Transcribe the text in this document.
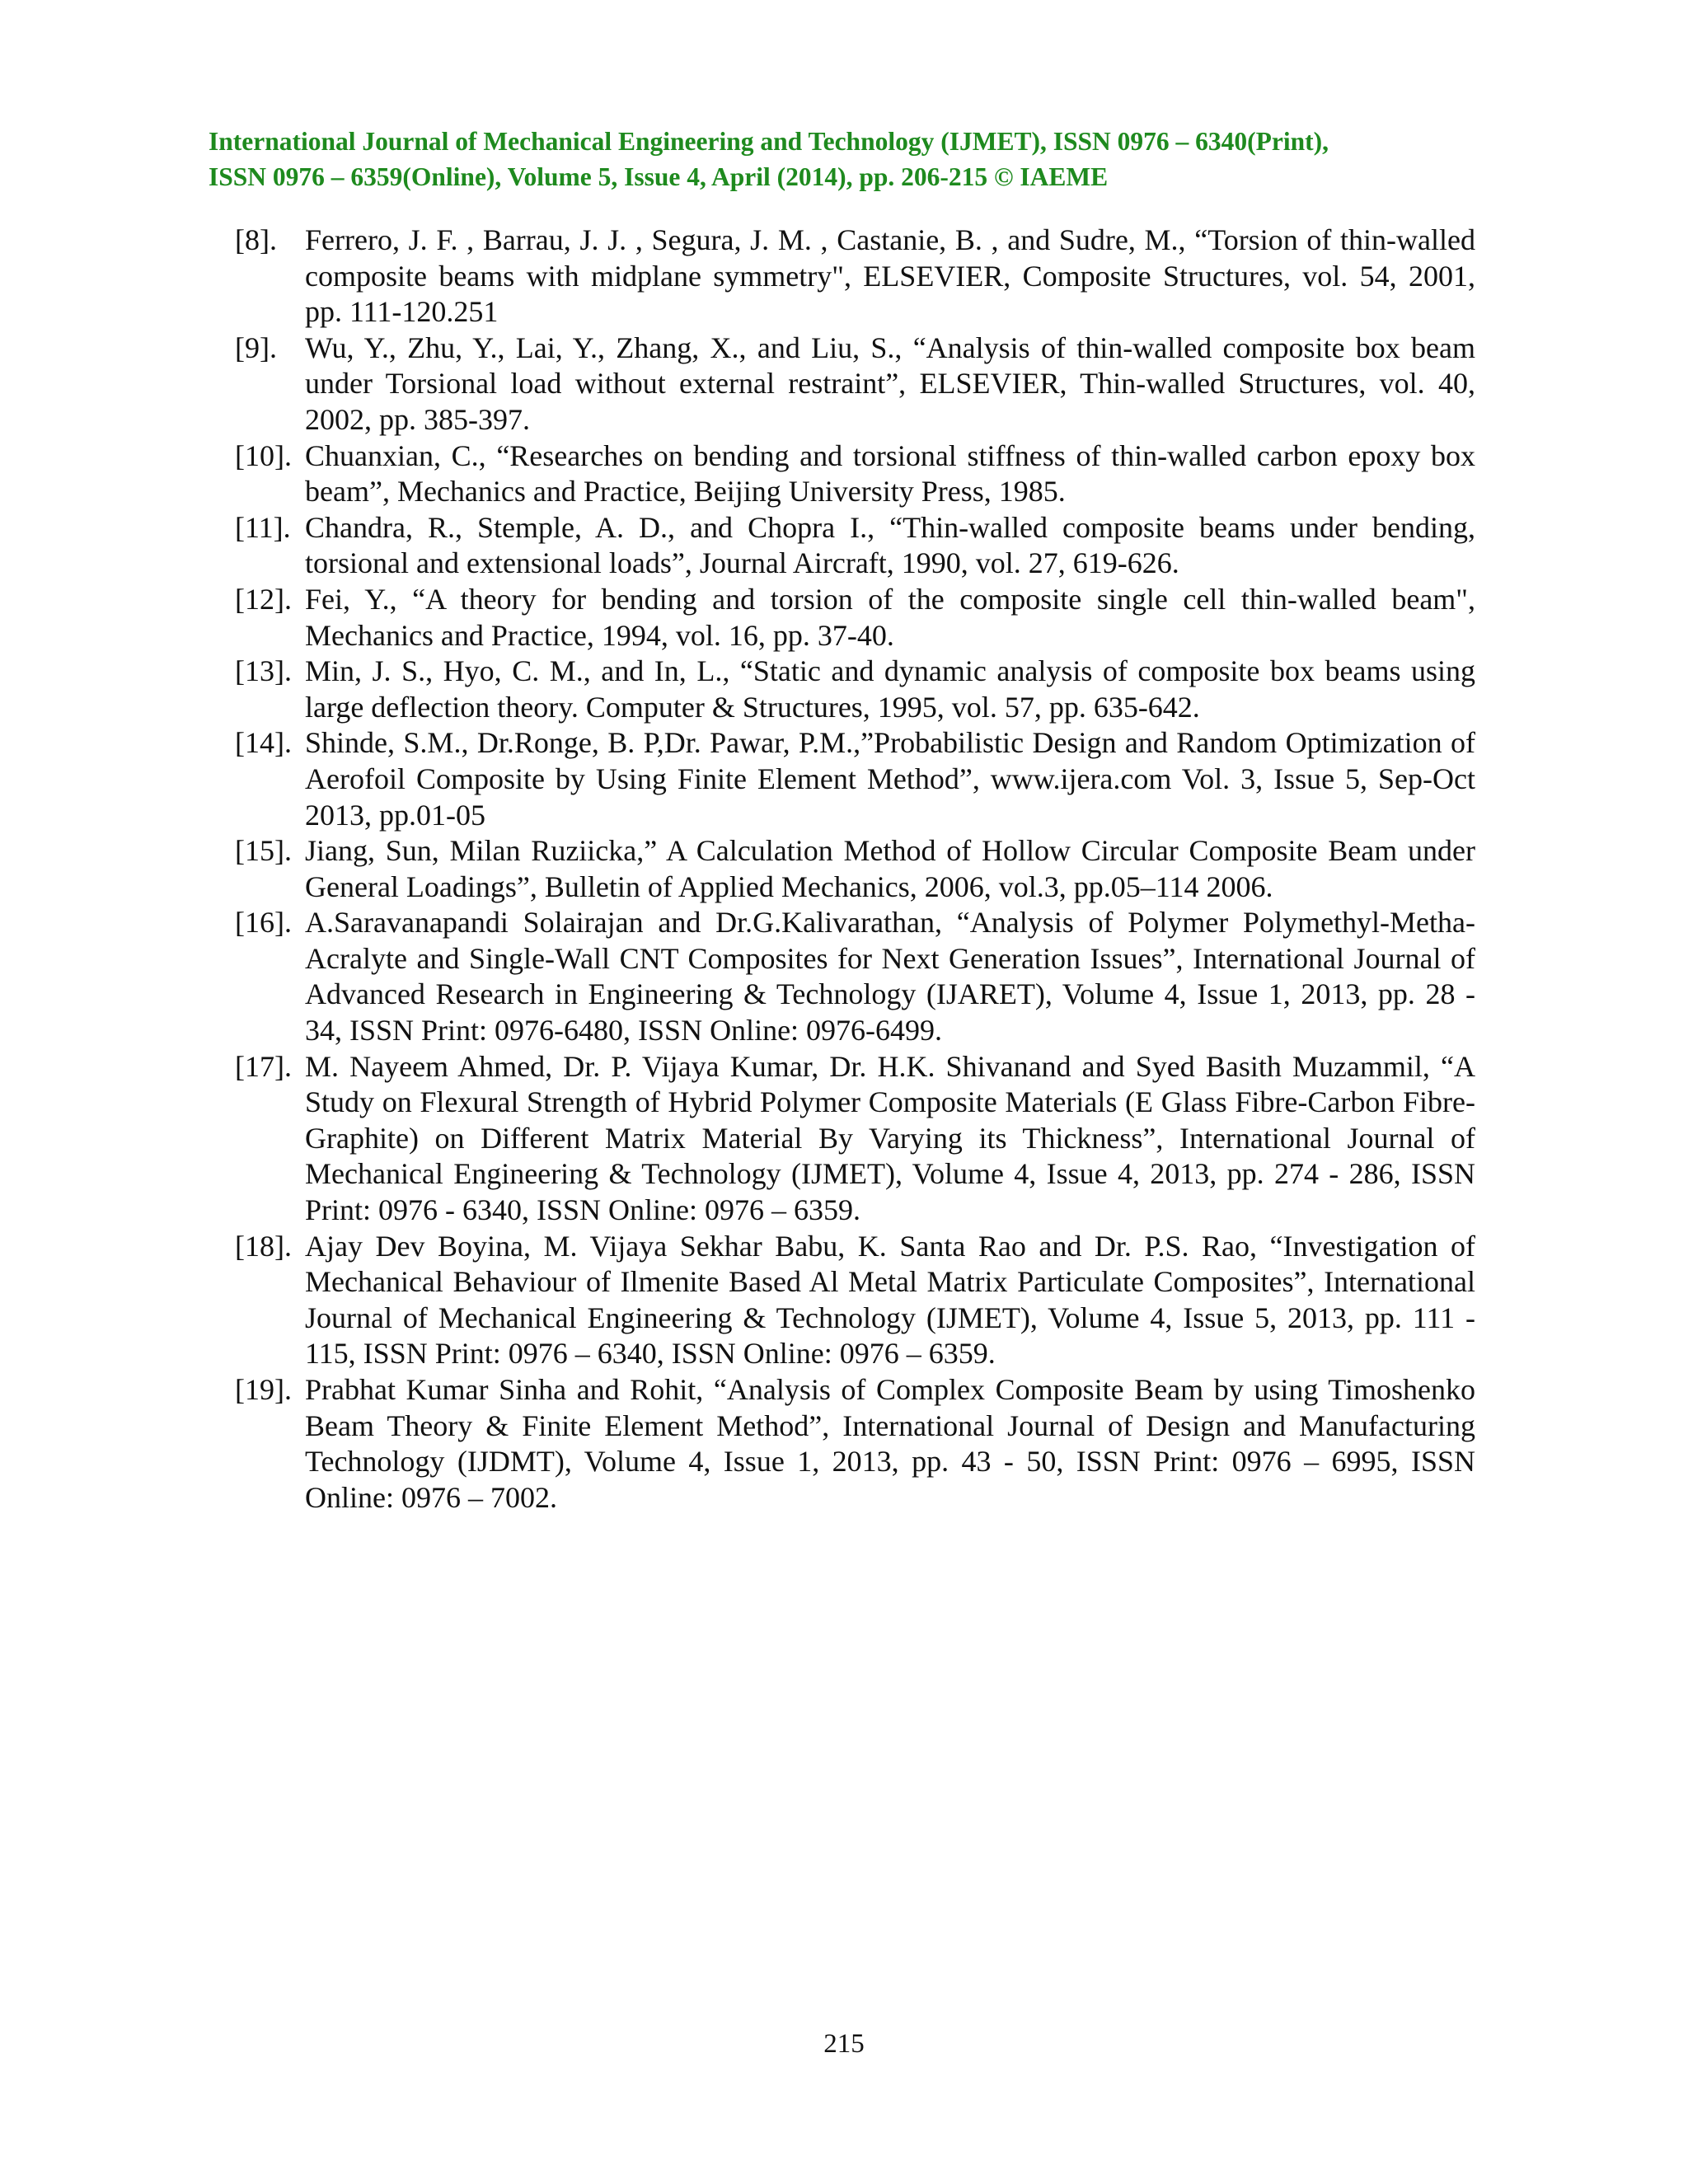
International Journal of Mechanical Engineering and Technology (IJMET), ISSN 0976 – 6340(Print),
ISSN 0976 – 6359(Online), Volume 5, Issue 4, April (2014), pp. 206-215 © IAEME
[8]. Ferrero, J. F. , Barrau, J. J. , Segura, J. M. , Castanie, B. , and Sudre, M., “Torsion of thin-walled composite beams with midplane symmetry", ELSEVIER, Composite Structures, vol. 54, 2001, pp. 111-120.251
[9]. Wu, Y., Zhu, Y., Lai, Y., Zhang, X., and Liu, S., “Analysis of thin-walled composite box beam under Torsional load without external restraint”, ELSEVIER, Thin-walled Structures, vol. 40, 2002, pp. 385-397.
[10]. Chuanxian, C., “Researches on bending and torsional stiffness of thin-walled carbon epoxy box beam”, Mechanics and Practice, Beijing University Press, 1985.
[11]. Chandra, R., Stemple, A. D., and Chopra I., “Thin-walled composite beams under bending, torsional and extensional loads”, Journal Aircraft, 1990, vol. 27, 619-626.
[12]. Fei, Y., “A theory for bending and torsion of the composite single cell thin-walled beam", Mechanics and Practice, 1994, vol. 16, pp. 37-40.
[13]. Min, J. S., Hyo, C. M., and In, L., “Static and dynamic analysis of composite box beams using large deflection theory. Computer & Structures, 1995, vol. 57, pp. 635-642.
[14]. Shinde, S.M., Dr.Ronge, B. P,Dr. Pawar, P.M.,”Probabilistic Design and Random Optimization of Aerofoil Composite by Using Finite Element Method”, www.ijera.com Vol. 3, Issue 5, Sep-Oct 2013, pp.01-05
[15]. Jiang, Sun, Milan Ruziicka,” A Calculation Method of Hollow Circular Composite Beam under General Loadings”, Bulletin of Applied Mechanics, 2006, vol.3, pp.05–114 2006.
[16]. A.Saravanapandi Solairajan and Dr.G.Kalivarathan, “Analysis of Polymer Polymethyl-Metha-Acralyte and Single-Wall CNT Composites for Next Generation Issues”, International Journal of Advanced Research in Engineering & Technology (IJARET), Volume 4, Issue 1, 2013, pp. 28 - 34, ISSN Print: 0976-6480, ISSN Online: 0976-6499.
[17]. M. Nayeem Ahmed, Dr. P. Vijaya Kumar, Dr. H.K. Shivanand and Syed Basith Muzammil, “A Study on Flexural Strength of Hybrid Polymer Composite Materials (E Glass Fibre-Carbon Fibre-Graphite) on Different Matrix Material By Varying its Thickness”, International Journal of Mechanical Engineering & Technology (IJMET), Volume 4, Issue 4, 2013, pp. 274 - 286, ISSN Print: 0976 - 6340, ISSN Online: 0976 – 6359.
[18]. Ajay Dev Boyina, M. Vijaya Sekhar Babu, K. Santa Rao and Dr. P.S. Rao, “Investigation of Mechanical Behaviour of Ilmenite Based Al Metal Matrix Particulate Composites”, International Journal of Mechanical Engineering & Technology (IJMET), Volume 4, Issue 5, 2013, pp. 111 - 115, ISSN Print: 0976 – 6340, ISSN Online: 0976 – 6359.
[19]. Prabhat Kumar Sinha and Rohit, “Analysis of Complex Composite Beam by using Timoshenko Beam Theory & Finite Element Method”, International Journal of Design and Manufacturing Technology (IJDMT), Volume 4, Issue 1, 2013, pp. 43 - 50, ISSN Print: 0976 – 6995, ISSN Online: 0976 – 7002.
215
